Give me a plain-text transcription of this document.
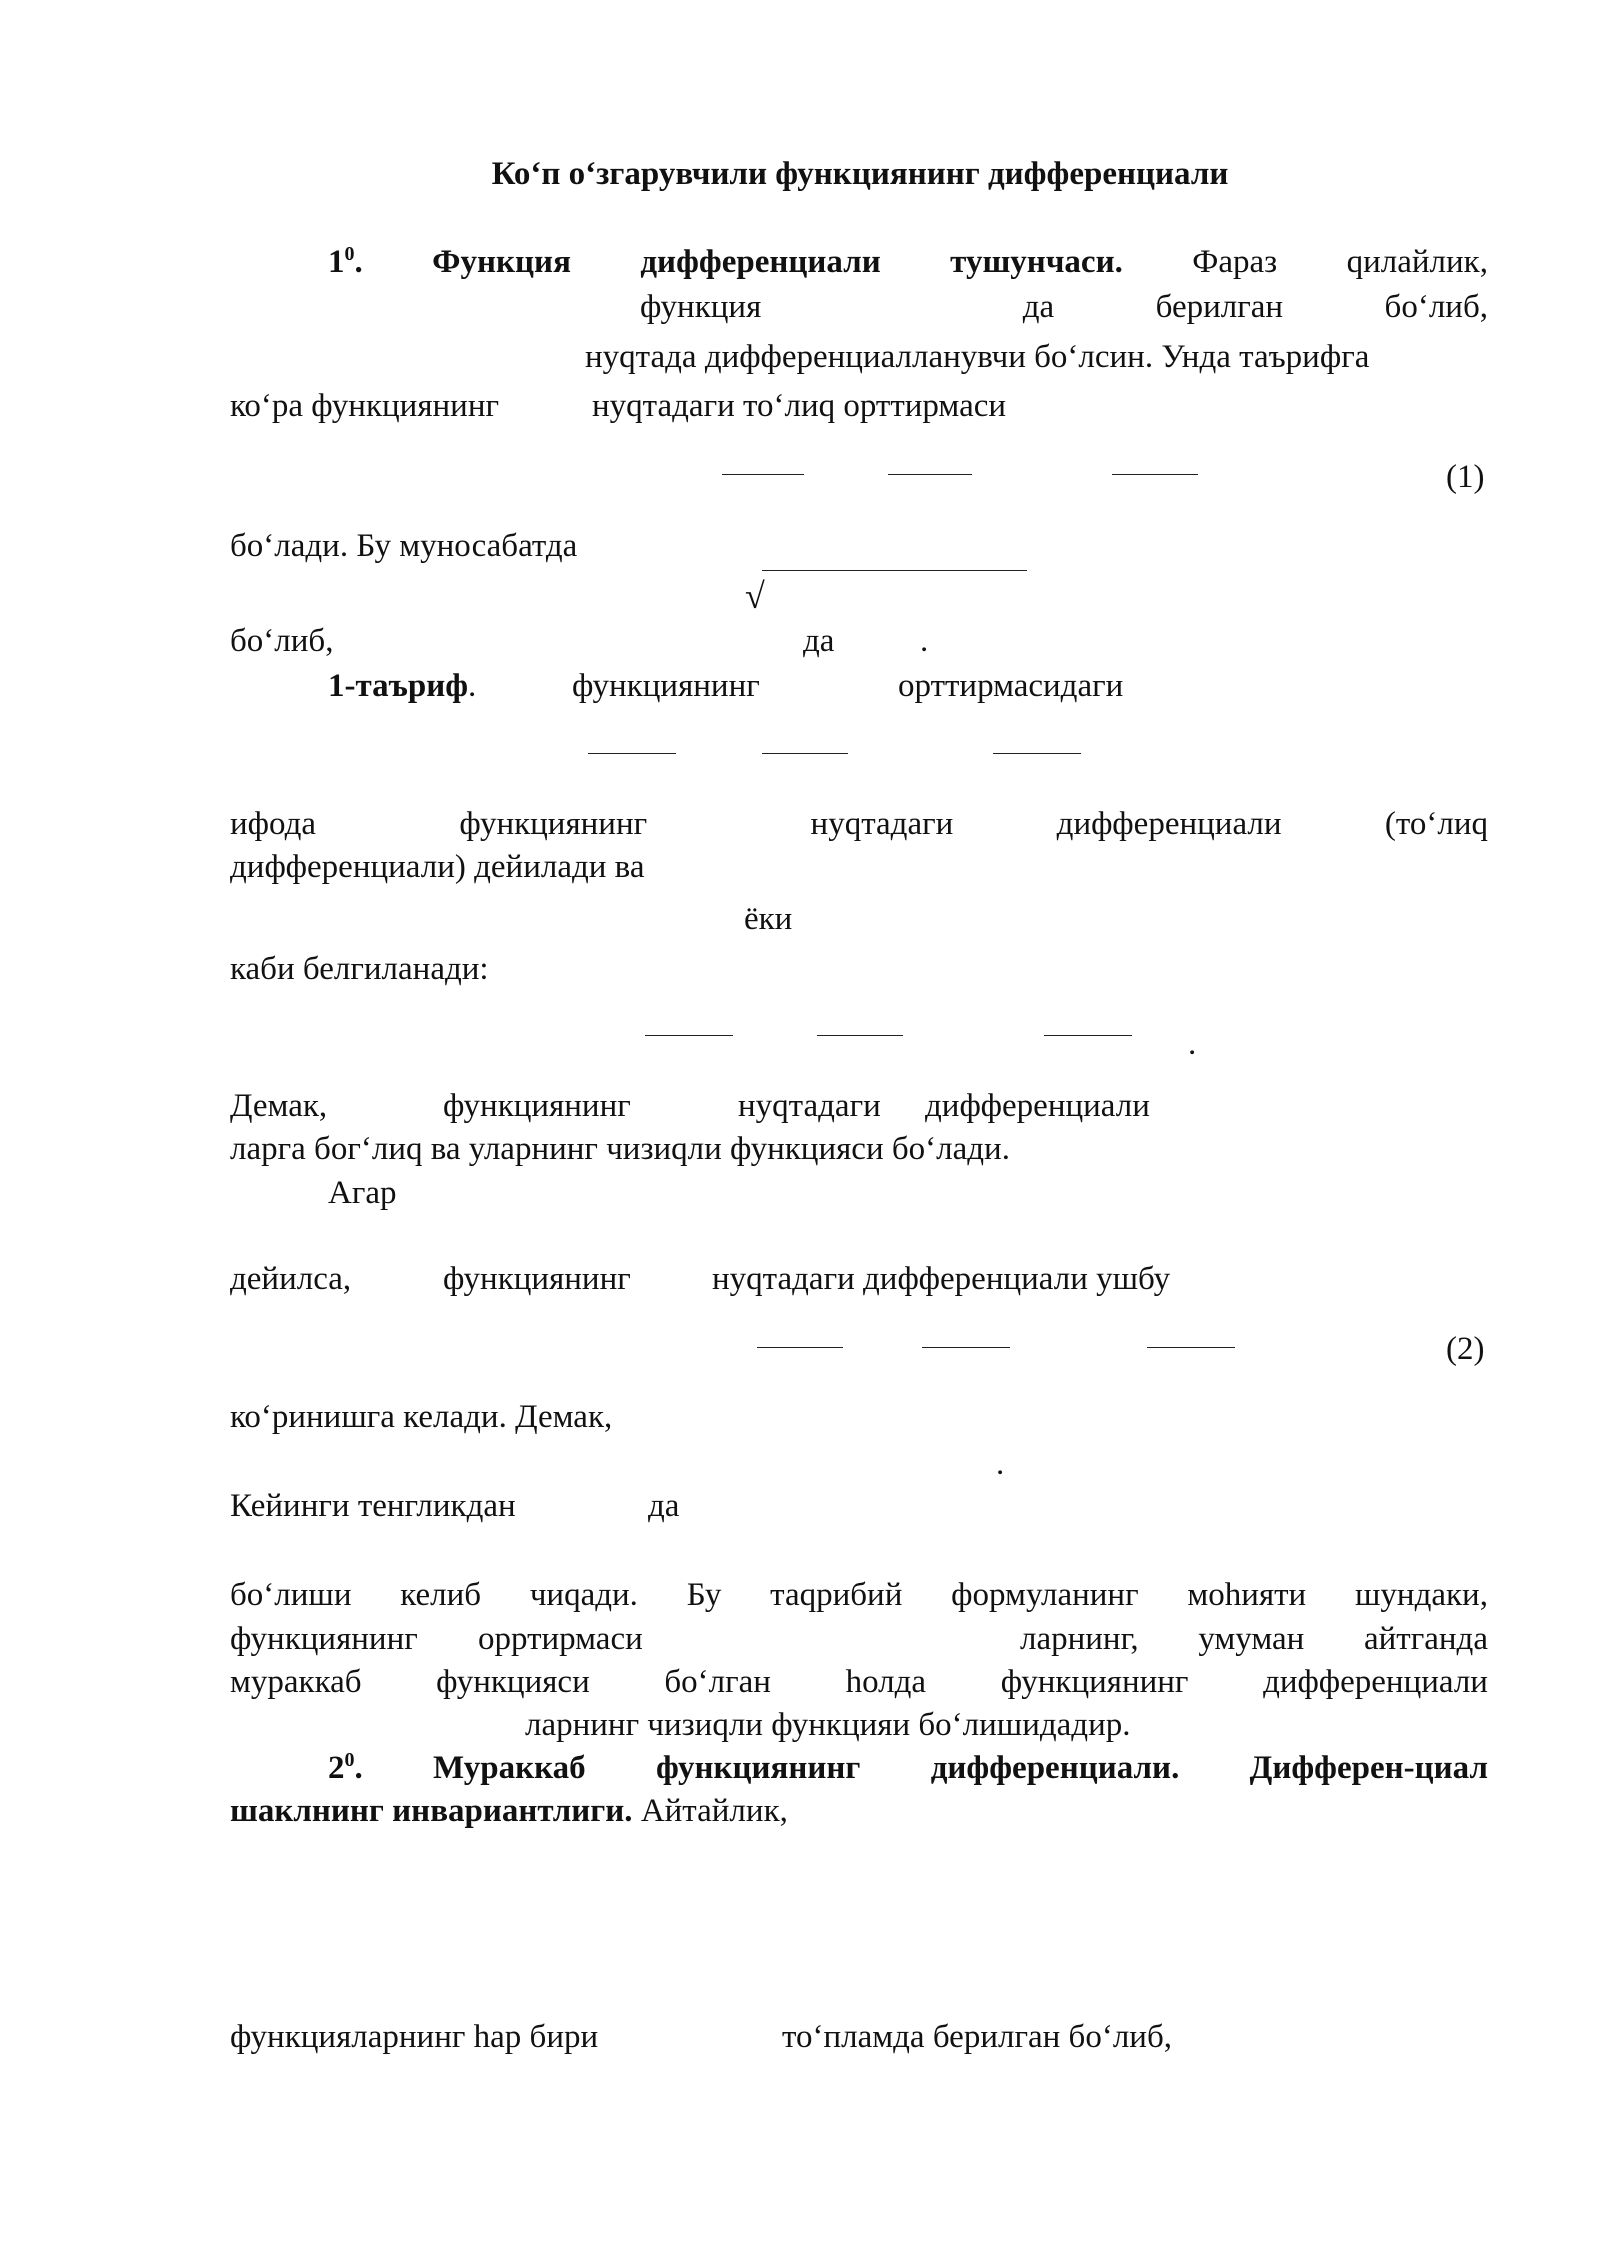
Коʻп оʻзгарувчили функциянинг дифференциали
$1^0$. Функция дифференциали тушунчаси. Фараз qилайлик,
функция	да	берилган	боʻлиб,
нуqтада дифференциалланувчи боʻлсин. Унда таърифга
коʻра функциянинг	нуqтадаги тоʻлиq орттирмаси
(1)
боʻлади. Бу муносабатда
√
боʻлиб,	да	.
1-таъриф.	функциянинг	орттирмасидаги
ифода	функциянинг	нуqтадаги	дифференциали	(тоʻлиq
дифференциали) дейилади ва
ёки
каби белгиланади:
.
Демак,	функциянинг	нуqтадаги дифференциали
ларга богʻлиq ва уларнинг чизиqли функцияси боʻлади.
Агар
дейилса,	функциянинг нуqтадаги дифференциали ушбу
(2)
коʻринишга келади. Демак,
.
Кейинги тенгликдан	да
боʻлиши келиб чиqади. Бу таqрибий формуланинг моhияти шундаки,
функциянинг орртирмаси	ларнинг, умуман айтганда
мураккаб функцияси боʻлган hолда функциянинг дифференциали
ларнинг чизиqли функцияи боʻлишидадир.
$2^0$. Мураккаб функциянинг дифференциали. Дифферен-циал
шаклнинг инвариантлиги. Айтайлик,
функцияларнинг hар бири	тоʻпламда берилган боʻлиб,
